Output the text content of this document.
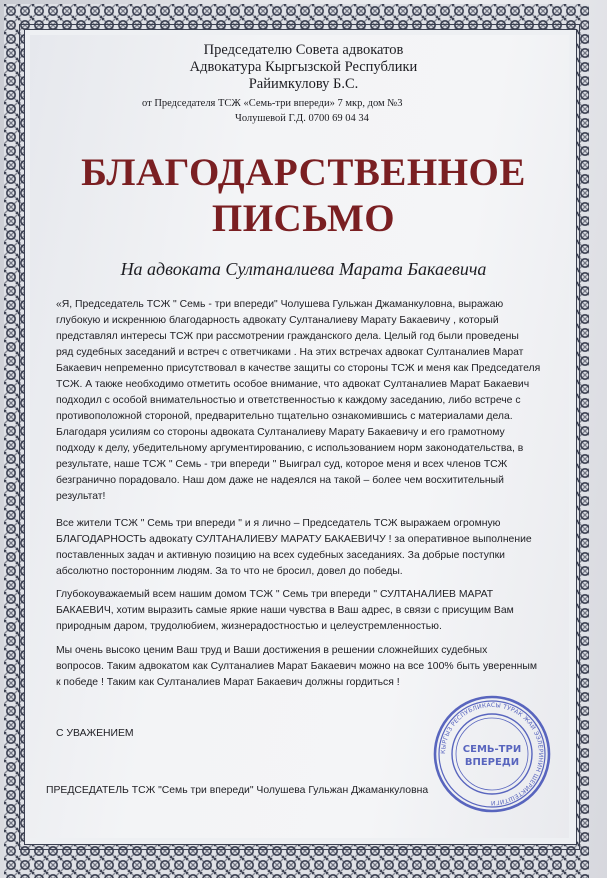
Председателю Совета адвокатов
Адвокатура Кыргызской Республики
Райимкулову Б.С.
от Председателя ТСЖ «Семь-три впереди» 7 мкр, дом №3
Чолушевой Г.Д. 0700 69 04 34
БЛАГОДАРСТВЕННОЕ
ПИСЬМО
На адвоката Султаналиева Марата Бакаевича
«Я, Председатель ТСЖ " Семь - три впереди" Чолушева Гульжан Джаманкуловна, выражаю
глубокую и искреннюю благодарность адвокату Султаналиеву Марату Бакаевичу , который
представлял интересы ТСЖ при рассмотрении гражданского дела. Целый год были проведены
ряд судебных заседаний и встреч с ответчиками . На этих встречах адвокат Султаналиев Марат
Бакаевич непременно присутствовал в качестве защиты со стороны ТСЖ и меня как Председателя
ТСЖ. А также необходимо отметить особое внимание, что адвокат Султаналиев Марат Бакаевич
подходил с особой внимательностью и ответственностью к каждому заседанию, либо встрече с
противоположной стороной, предварительно тщательно ознакомившись с материалами дела.
Благодаря усилиям со стороны адвоката Султаналиеву Марату Бакаевичу и его грамотному
подходу к делу, убедительному аргументированию, с использованием норм законодательства, в
результате, наше ТСЖ " Семь - три впереди " Выиграл суд, которое меня и всех членов ТСЖ
безгранично порадовало. Наш дом даже не надеялся на такой – более чем восхитительный
результат!
Все жители ТСЖ " Семь три впереди " и я лично – Председатель ТСЖ выражаем огромную
БЛАГОДАРНОСТЬ адвокату СУЛТАНАЛИЕВУ МАРАТУ БАКАЕВИЧУ ! за оперативное выполнение
поставленных задач и активную позицию на всех судебных заседаниях. За добрые поступки
абсолютно посторонним людям. За то что не бросил, довел до победы.
Глубокоуважаемый всем нашим домом ТСЖ " Семь три впереди " СУЛТАНАЛИЕВ МАРАТ
БАКАЕВИЧ, хотим выразить самые яркие наши чувства в Ваш адрес, в связи с присущим Вам
природным даром, трудолюбием, жизнерадостностью и целеустремленностью.
Мы очень высоко ценим Ваш труд и Ваши достижения в решении сложнейших судебных
вопросов. Таким адвокатом как Султаналиев Марат Бакаевич можно на все 100% быть уверенным
к победе ! Таким как Султаналиев Марат Бакаевич должны гордиться !
С УВАЖЕНИЕМ
КЫРГЫЗ РЕСПУБЛИКАСЫ ТУРАК ЖАЙ ЭЭЛЕРИНИН ШЕРИКТЕШТИГИ
СЕМЬ-ТРИ
ВПЕРЕДИ
ПРЕДСЕДАТЕЛЬ ТСЖ "Семь три впереди" Чолушева Гульжан Джаманкуловна
